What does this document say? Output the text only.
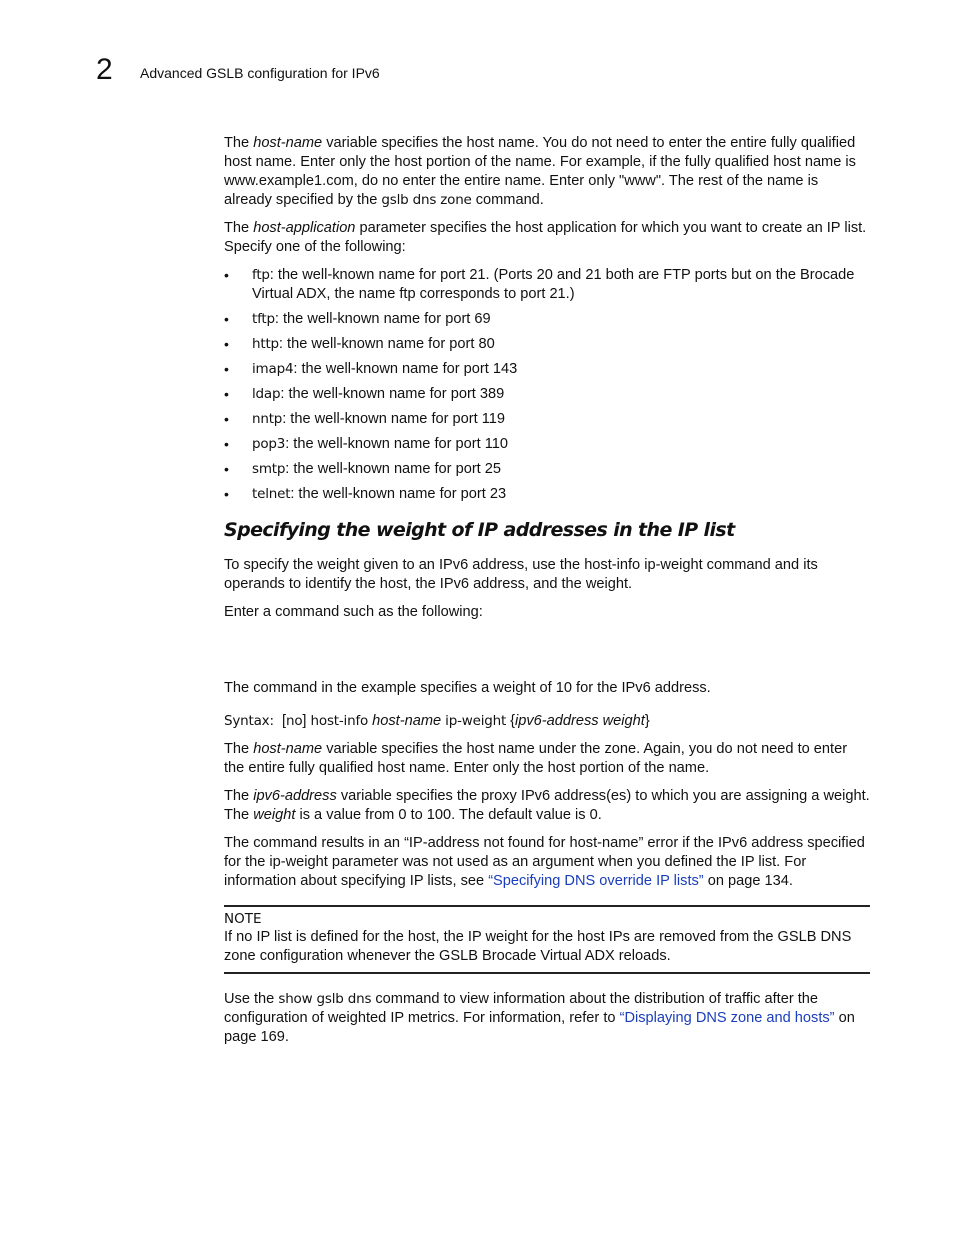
2 Advanced GSLB configuration for IPv6

The host-name variable specifies the host name. You do not need to enter the entire fully qualified host name. Enter only the host portion of the name. For example, if the fully qualified host name is www.example1.com, do no enter the entire name. Enter only "www". The rest of the name is already specified by the gslb dns zone command.

The host-application parameter specifies the host application for which you want to create an IP list. Specify one of the following:

• ftp: the well-known name for port 21. (Ports 20 and 21 both are FTP ports but on the Brocade Virtual ADX, the name ftp corresponds to port 21.)
• tftp: the well-known name for port 69
• http: the well-known name for port 80
• imap4: the well-known name for port 143
• ldap: the well-known name for port 389
• nntp: the well-known name for port 119
• pop3: the well-known name for port 110
• smtp: the well-known name for port 25
• telnet: the well-known name for port 23
Specifying the weight of IP addresses in the IP list

To specify the weight given to an IPv6 address, use the host-info ip-weight command and its operands to identify the host, the IPv6 address, and the weight.

Enter a command such as the following:

The command in the example specifies a weight of 10 for the IPv6 address.

Syntax: [no] host-info host-name ip-weight {ipv6-address weight}

The host-name variable specifies the host name under the zone. Again, you do not need to enter the entire fully qualified host name. Enter only the host portion of the name.

The ipv6-address variable specifies the proxy IPv6 address(es) to which you are assigning a weight. The weight is a value from 0 to 100. The default value is 0.

The command results in an “IP-address not found for host-name” error if the IPv6 address specified for the ip-weight parameter was not used as an argument when you defined the IP list. For information about specifying IP lists, see “Specifying DNS override IP lists” on page 134.

NOTE
If no IP list is defined for the host, the IP weight for the host IPs are removed from the GSLB DNS zone configuration whenever the GSLB Brocade Virtual ADX reloads.

Use the show gslb dns command to view information about the distribution of traffic after the configuration of weighted IP metrics. For information, refer to “Displaying DNS zone and hosts” on page 169.
